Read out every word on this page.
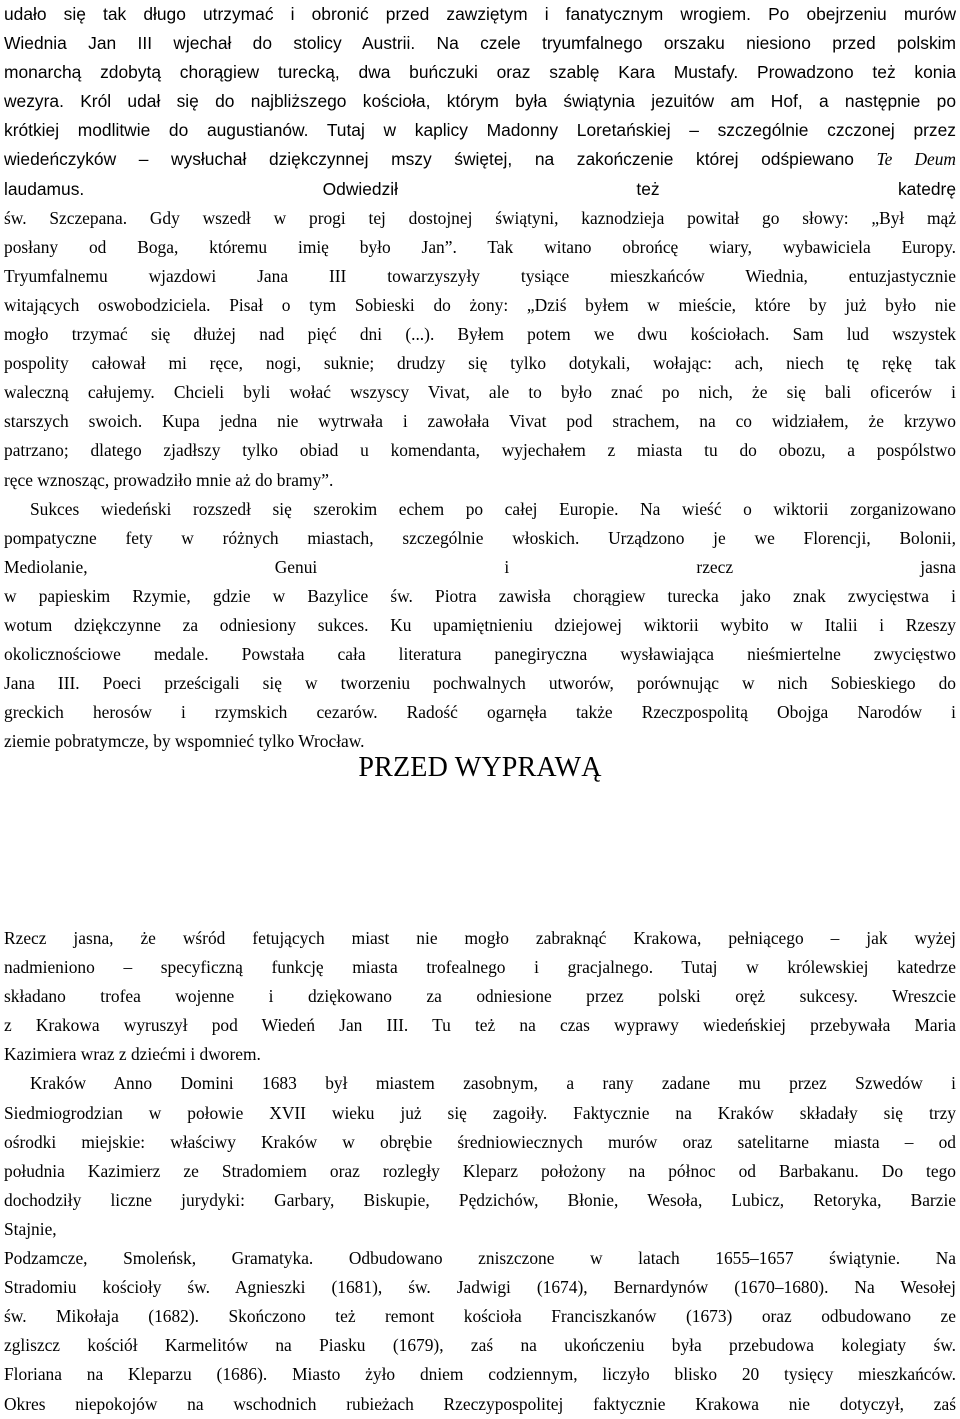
udało się tak długo utrzymać i obronić przed zawziętym i fanatycznym wrogiem. Po obejrzeniu murów
Wiednia Jan III wjechał do stolicy Austrii. Na czele tryumfalnego orszaku niesiono przed polskim
monarchą zdobytą chorągiew turecką, dwa buńczuki oraz szablę Kara Mustafy. Prowadzono też konia
wezyra. Król udał się do najbliższego kościoła, którym była świątynia jezuitów am Hof, a następnie po
krótkiej modlitwie do augustianów. Tutaj w kaplicy Madonny Loretańskiej – szczególnie czczonej przez
wiedeńczyków – wysłuchał dziękczynnej mszy świętej, na zakończenie której odśpiewano Te Deum
laudamus. Odwiedził też katedrę
św. Szczepana. Gdy wszedł w progi tej dostojnej świątyni, kaznodzieja powitał go słowy: „Był mąż
posłany od Boga, któremu imię było Jan”. Tak witano obrońcę wiary, wybawiciela Europy.
Tryumfalnemu wjazdowi Jana III towarzyszyły tysiące mieszkańców Wiednia, entuzjastycznie
witających oswobodziciela. Pisał o tym Sobieski do żony: „Dziś byłem w mieście, które by już było nie
mogło trzymać się dłużej nad pięć dni (...). Byłem potem we dwu kościołach. Sam lud wszystek
pospolity całował mi ręce, nogi, suknie; drudzy się tylko dotykali, wołając: ach, niech tę rękę tak
waleczną całujemy. Chcieli byli wołać wszyscy Vivat, ale to było znać po nich, że się bali oficerów i
starszych swoich. Kupa jedna nie wytrwała i zawołała Vivat pod strachem, na co widziałem, że krzywo
patrzano; dlatego zjadłszy tylko obiad u komendanta, wyjechałem z miasta tu do obozu, a pospólstwo
ręce wznosząc, prowadziło mnie aż do bramy”.
Sukces wiedeński rozszedł się szerokim echem po całej Europie. Na wieść o wiktorii zorganizowano
pompatyczne fety w różnych miastach, szczególnie włoskich. Urządzono je we Florencji, Bolonii,
Mediolanie, Genui i rzecz jasna
w papieskim Rzymie, gdzie w Bazylice św. Piotra zawisła chorągiew turecka jako znak zwycięstwa i
wotum dziękczynne za odniesiony sukces. Ku upamiętnieniu dziejowej wiktorii wybito w Italii i Rzeszy
okolicznościowe medale. Powstała cała literatura panegiryczna wysławiająca nieśmiertelne zwycięstwo
Jana III. Poeci prześcigali się w tworzeniu pochwalnych utworów, porównując w nich Sobieskiego do
greckich herosów i rzymskich cezarów. Radość ogarnęła także Rzeczpospolitą Obojga Narodów i
ziemie pobratymcze, by wspomnieć tylko Wrocław.
PRZED WYPRAWĄ
Rzecz jasna, że wśród fetujących miast nie mogło zabraknąć Krakowa, pełniącego – jak wyżej
nadmieniono – specyficzną funkcję miasta trofealnego i gracjalnego. Tutaj w królewskiej katedrze
składano trofea wojenne i dziękowano za odniesione przez polski oręż sukcesy. Wreszcie
z Krakowa wyruszył pod Wiedeń Jan III. Tu też na czas wyprawy wiedeńskiej przebywała Maria
Kazimiera wraz z dziećmi i dworem.
Kraków Anno Domini 1683 był miastem zasobnym, a rany zadane mu przez Szwedów i
Siedmiogrodzian w połowie XVII wieku już się zagoiły. Faktycznie na Kraków składały się trzy
ośrodki miejskie: właściwy Kraków w obrębie średniowiecznych murów oraz satelitarne miasta – od
południa Kazimierz ze Stradomiem oraz rozległy Kleparz położony na północ od Barbakanu. Do tego
dochodziły liczne jurydyki: Garbary, Biskupie, Pędzichów, Błonie, Wesoła, Lubicz, Retoryka, Barzie
Stajnie,
Podzamcze, Smoleńsk, Gramatyka. Odbudowano zniszczone w latach 1655–1657 świątynie. Na
Stradomiu kościoły św. Agnieszki (1681), św. Jadwigi (1674), Bernardynów (1670–1680). Na Wesołej
św. Mikołaja (1682). Skończono też remont kościoła Franciszkanów (1673) oraz odbudowano ze
zgliszcz kościół Karmelitów na Piasku (1679), zaś na ukończeniu była przebudowa kolegiaty św.
Floriana na Kleparzu (1686). Miasto żyło dniem codziennym, liczyło blisko 20 tysięcy mieszkańców.
Okres niepokojów na wschodnich rubieżach Rzeczypospolitej faktycznie Krakowa nie dotyczył, zaś
